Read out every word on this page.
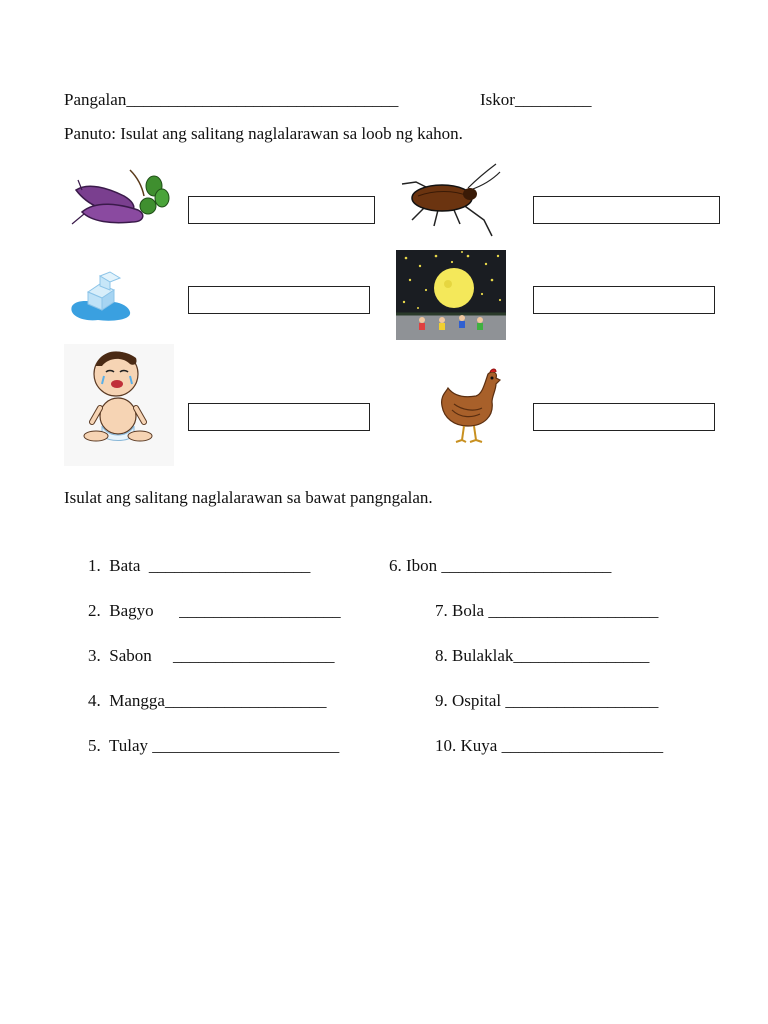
Pangalan________________________________	Iskor_________
Panuto: Isulat ang salitang naglalarawan sa loob ng kahon.
Isulat ang salitang naglalarawan sa bawat pangngalan.
1. Bata ___________________
2. Bagyo ___________________
3. Sabon ___________________
4. Mangga___________________
5. Tulay ______________________
6. Ibon ____________________
7. Bola ____________________
8. Bulaklak________________
9. Ospital __________________
10. Kuya ___________________
